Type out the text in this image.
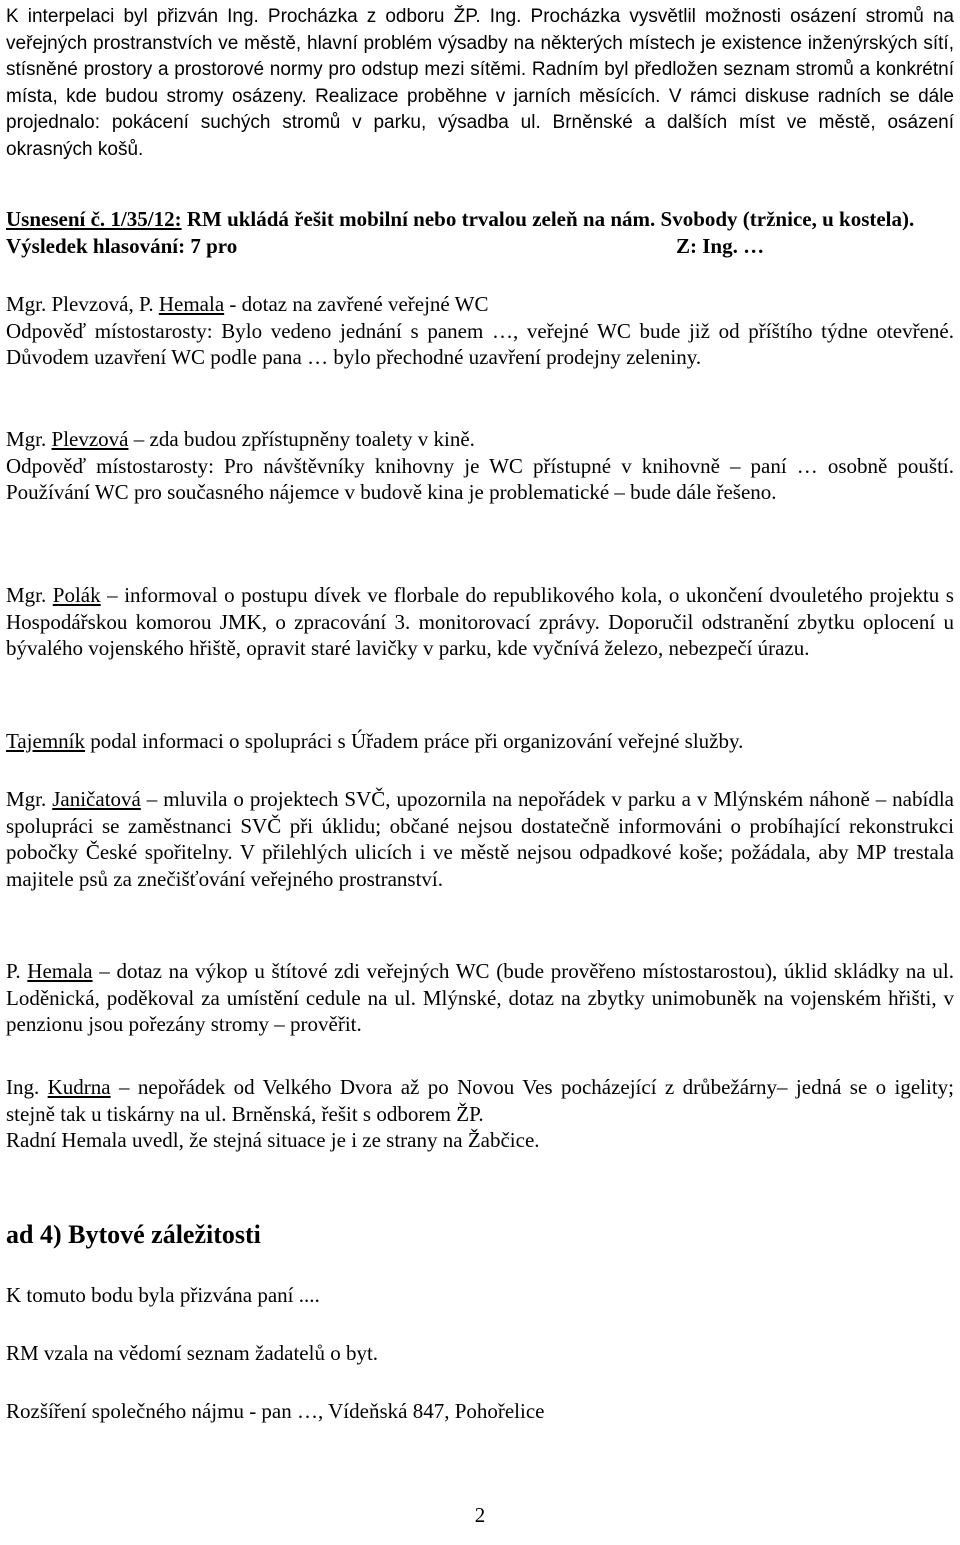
K interpelaci byl přizván Ing. Procházka z odboru ŽP. Ing. Procházka vysvětlil možnosti osázení stromů na veřejných prostranstvích ve městě, hlavní problém výsadby na některých místech je existence inženýrských sítí, stísněné prostory a prostorové normy pro odstup mezi sítěmi. Radním byl předložen seznam stromů a konkrétní místa, kde budou stromy osázeny. Realizace proběhne v jarních měsících. V rámci diskuse radních se dále projednalo: pokácení suchých stromů v parku, výsadba ul. Brněnské a dalších míst ve městě, osázení okrasných košů.
Usnesení č. 1/35/12: RM ukládá řešit mobilní nebo trvalou zeleň na nám. Svobody (tržnice, u kostela).
Výsledek hlasování: 7 pro	Z: Ing. …
Mgr. Plevzová, P. Hemala - dotaz na zavřené veřejné WC
Odpověď místostarosty: Bylo vedeno jednání s panem …, veřejné WC bude již od příštího týdne otevřené. Důvodem uzavření WC podle pana … bylo přechodné uzavření prodejny zeleniny.
Mgr. Plevzová – zda budou zpřístupněny toalety v kině.
Odpověď místostarosty: Pro návštěvníky knihovny je WC přístupné v knihovně – paní … osobně pouští. Používání WC pro současného nájemce v budově kina je problematické – bude dále řešeno.
Mgr. Polák – informoval o postupu dívek ve florbale do republikového kola, o ukončení dvouletého projektu s Hospodářskou komorou JMK, o zpracování 3. monitorovací zprávy. Doporučil odstranění zbytku oplocení u bývalého vojenského hřiště, opravit staré lavičky v parku, kde vyčnívá železo, nebezpečí úrazu.
Tajemník podal informaci o spolupráci s Úřadem práce při organizování veřejné služby.
Mgr. Janičatová – mluvila o projektech SVČ, upozornila na nepořádek v parku a v Mlýnském náhoně – nabídla spolupráci se zaměstnanci SVČ při úklidu; občané nejsou dostatečně informováni o probíhající rekonstrukci pobočky České spořitelny. V přilehlých ulicích i ve městě nejsou odpadkové koše; požádala, aby MP trestala majitele psů za znečišťování veřejného prostranství.
P. Hemala – dotaz na výkop u štítové zdi veřejných WC (bude prověřeno místostarostou), úklid skládky na ul. Loděnická, poděkoval za umístění cedule na ul. Mlýnské, dotaz na zbytky unimobuněk na vojenském hřišti, v penzionu jsou pořezány stromy – prověřit.
Ing. Kudrna – nepořádek od Velkého Dvora až po Novou Ves pocházející z drůbežárny– jedná se o igelity; stejně tak u tiskárny na ul. Brněnská, řešit s odborem ŽP.
Radní Hemala uvedl, že stejná situace je i ze strany na Žabčice.
ad 4) Bytové záležitosti
K tomuto bodu byla přizvána paní ....
RM vzala na vědomí seznam žadatelů o byt.
Rozšíření společného nájmu - pan …, Vídeňská 847, Pohořelice
2
